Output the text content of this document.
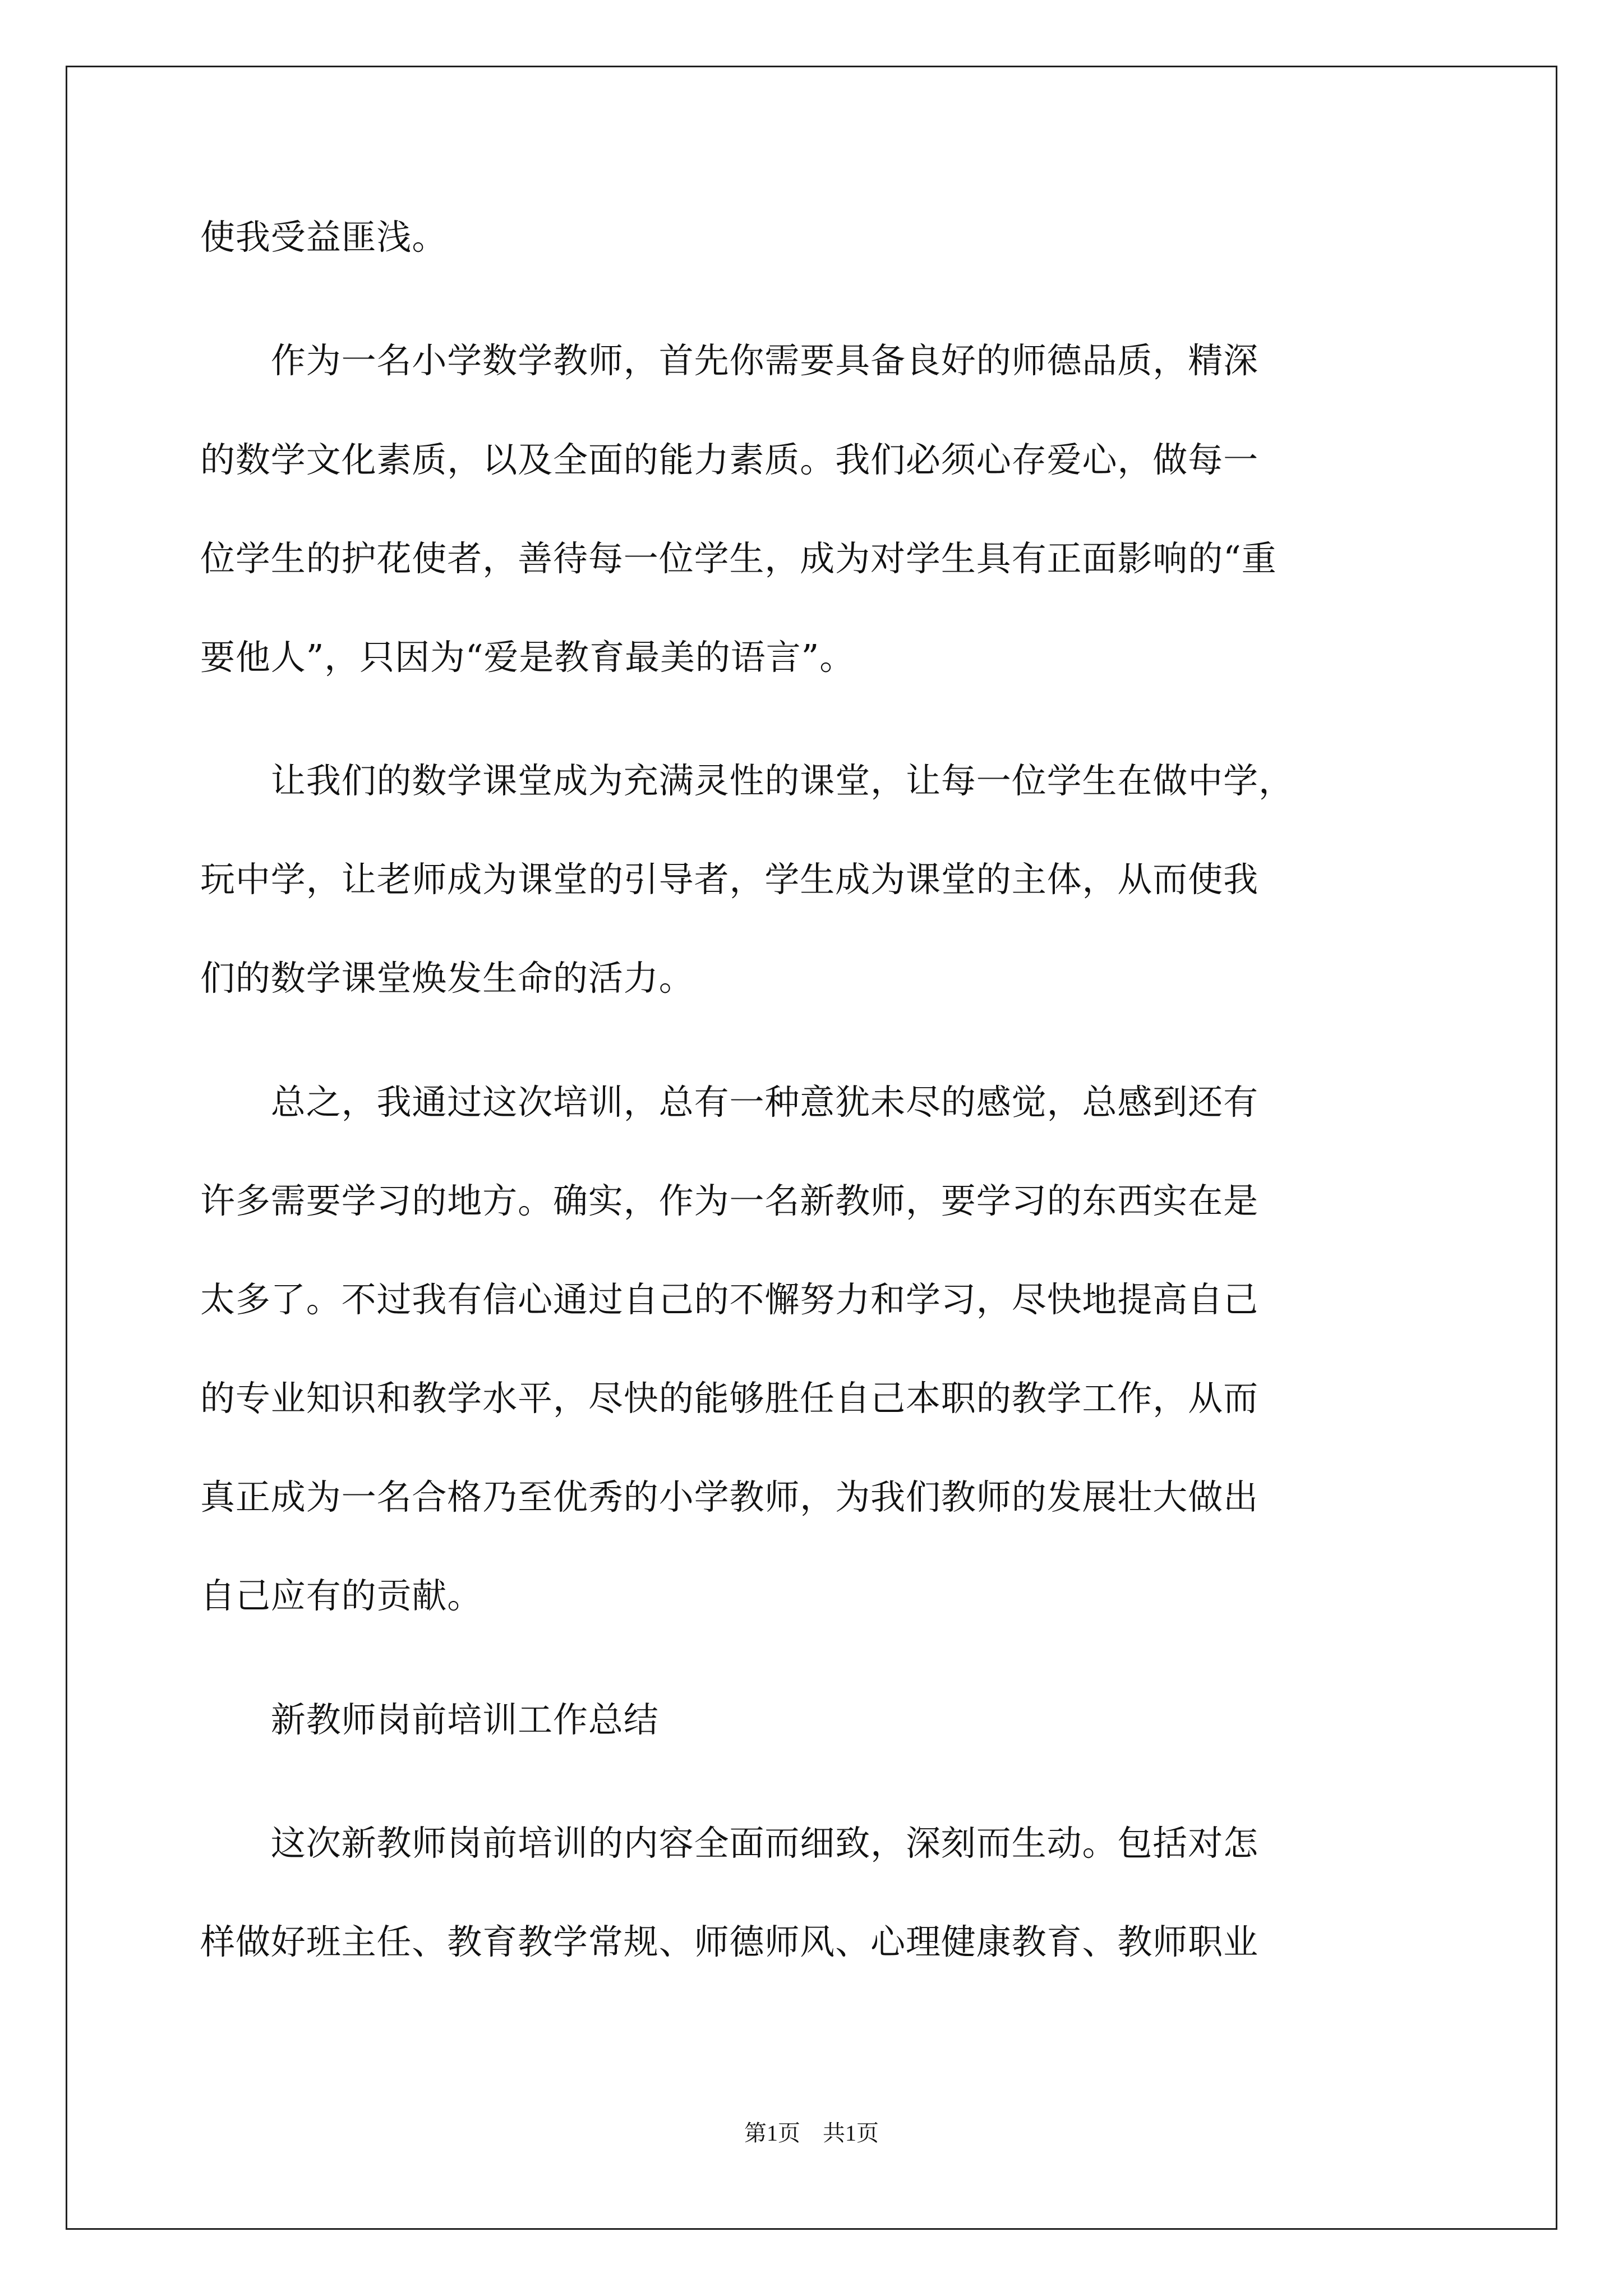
使我受益匪浅。
　　作为一名小学数学教师，首先你需要具备良好的师德品质，精深
的数学文化素质，以及全面的能力素质。我们必须心存爱心，做每一
位学生的护花使者，善待每一位学生，成为对学生具有正面影响的“重
要他人”，只因为“爱是教育最美的语言”。
　　让我们的数学课堂成为充满灵性的课堂，让每一位学生在做中学，
玩中学，让老师成为课堂的引导者，学生成为课堂的主体，从而使我
们的数学课堂焕发生命的活力。
　　总之，我通过这次培训，总有一种意犹未尽的感觉，总感到还有
许多需要学习的地方。确实，作为一名新教师，要学习的东西实在是
太多了。不过我有信心通过自己的不懈努力和学习，尽快地提高自己
的专业知识和教学水平，尽快的能够胜任自己本职的教学工作，从而
真正成为一名合格乃至优秀的小学教师，为我们教师的发展壮大做出
自己应有的贡献。
　　新教师岗前培训工作总结
　　这次新教师岗前培训的内容全面而细致，深刻而生动。包括对怎
样做好班主任、教育教学常规、师德师风、心理健康教育、教师职业
第1页　共1页
